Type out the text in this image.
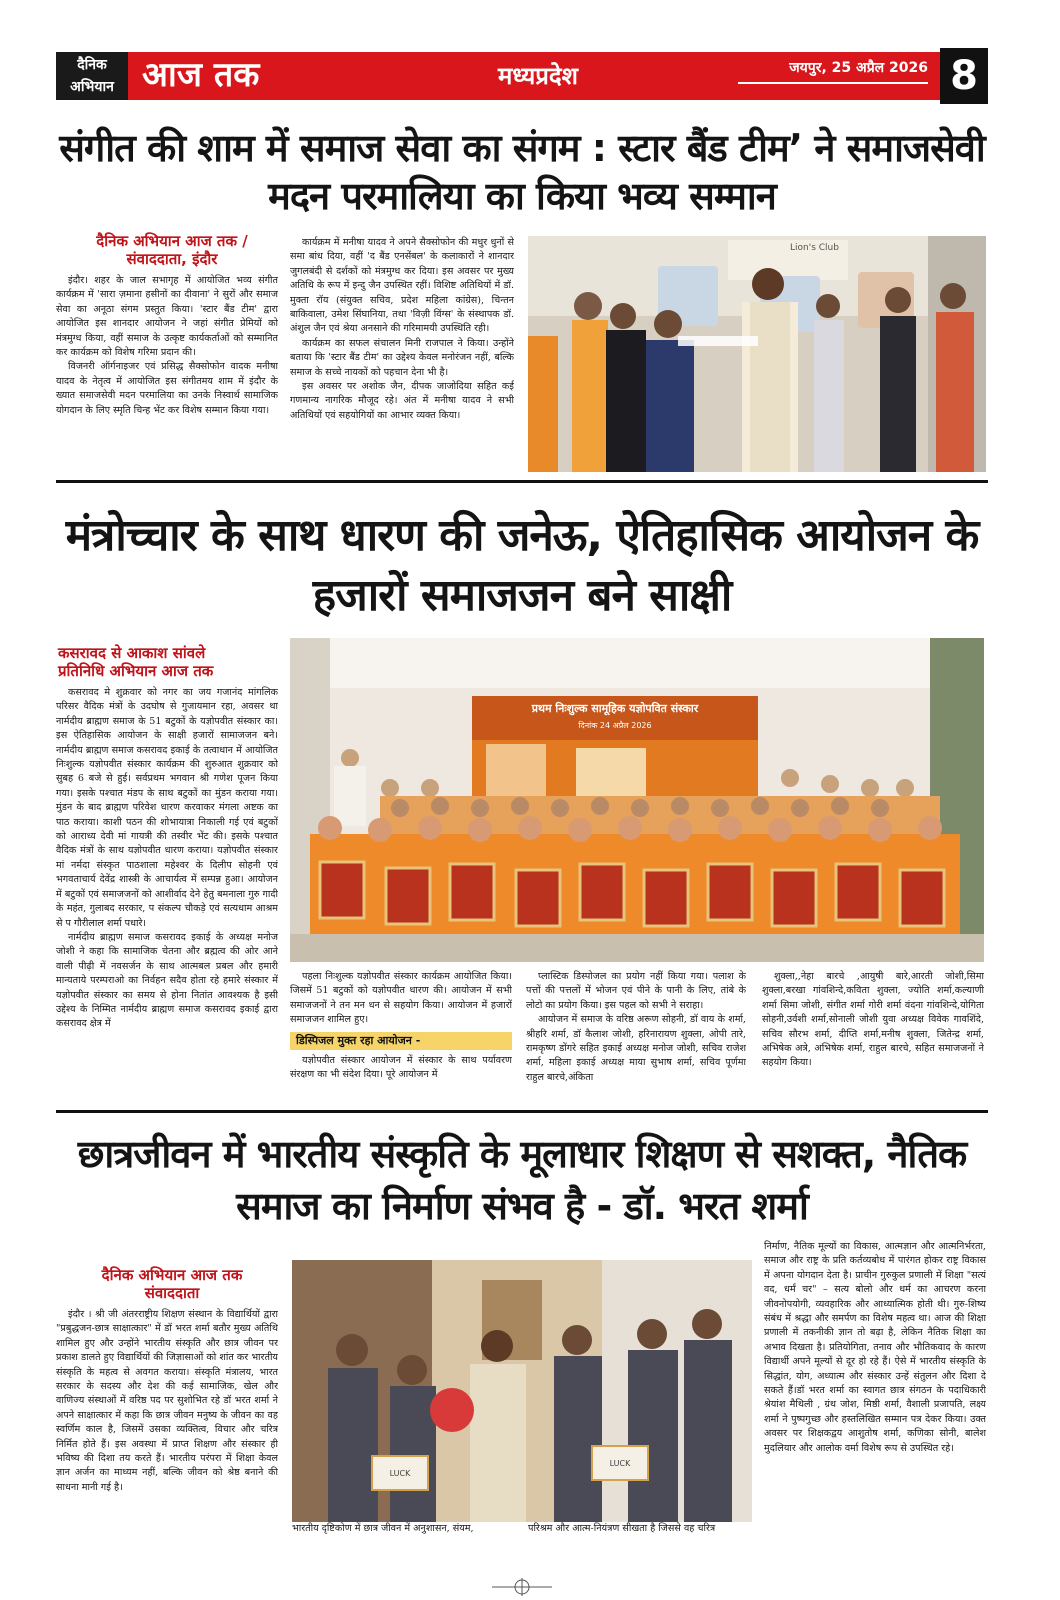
दैनिक
अभियान आज तक	मध्यप्रदेश	जयपुर, 25 अप्रैल 2026 8
संगीत की शाम में समाज सेवा का संगम : स्टार बैंड टीम’ ने समाजसेवी मदन परमालिया का किया भव्य सम्मान
दैनिक अभियान आज तक /
संवाददाता, इंदौर

इंदौर। शहर के जाल सभागृह में आयोजित भव्य संगीत कार्यक्रम में 'सारा ज़माना हसीनों का दीवाना' ने सुरों और समाज सेवा का अनूठा संगम प्रस्तुत किया। 'स्टार बैंड टीम' द्वारा आयोजित इस शानदार आयोजन ने जहां संगीत प्रेमियों को मंत्रमुग्ध किया, वहीं समाज के उत्कृष्ट कार्यकर्ताओं को सम्मानित कर कार्यक्रम को विशेष गरिमा प्रदान की।

विजनरी ऑर्गनाइजर एवं प्रसिद्ध सैक्सोफोन वादक मनीषा यादव के नेतृत्व में आयोजित इस संगीतमय शाम में इंदौर के ख्यात समाजसेवी मदन परमालिया का उनके निस्वार्थ सामाजिक योगदान के लिए स्मृति चिन्ह भेंट कर विशेष सम्मान किया गया।

कार्यक्रम में मनीषा यादव ने अपने सैक्सोफोन की मधुर धुनों से समा बांध दिया, वहीं 'द बैंड एनसेंबल' के कलाकारों ने शानदार जुगलबंदी से दर्शकों को मंत्रमुग्ध कर दिया। इस अवसर पर मुख्य अतिथि के रूप में इन्दु जैन उपस्थित रहीं। विशिष्ट अतिथियों में डॉ. मुक्ता रॉय (संयुक्त सचिव, प्रदेश महिला कांग्रेस), चिन्तन बाकिवाला, उमेश सिंघानिया, तथा 'विज़ी विंग्स' के संस्थापक डॉ. अंशुल जैन एवं श्रेया अनसाने की गरिमामयी उपस्थिति रही।

कार्यक्रम का सफल संचालन मिनी राजपाल ने किया। उन्होंने बताया कि 'स्टार बैंड टीम' का उद्देश्य केवल मनोरंजन नहीं, बल्कि समाज के सच्चे नायकों को पहचान देना भी है।

इस अवसर पर अशोक जैन, दीपक जाजोदिया सहित कई गणमान्य नागरिक मौजूद रहे। अंत में मनीषा यादव ने सभी अतिथियों एवं सहयोगियों का आभार व्यक्त किया।

Lion's Club
मंत्रोच्चार के साथ धारण की जनेऊ, ऐतिहासिक आयोजन के हजारों समाजजन बने साक्षी
कसरावद से आकाश सांवले
प्रतिनिधि अभियान आज तक

कसरावद मे शुक्रवार को नगर का जय गजानंद मांगलिक परिसर वैदिक मंत्रों के उदघोष से गुजायमान रहा, अवसर था नार्मदीय ब्राह्मण समाज के 51 बटुकों के यज्ञोपवीत संस्कार का। इस ऐतिहासिक आयोजन के साक्षी हजारों सामाजजन बने। नार्मदीय ब्राह्मण समाज कसरावद इकाई के तत्वाधान में आयोजित निःशुल्क यज्ञोपवीत संस्कार कार्यक्रम की शुरुआत शुक्रवार को सुबह 6 बजे से हुई। सर्वप्रथम भगवान श्री गणेश पूजन किया गया। इसके पश्चात मंडप के साथ बटुकों का मुंडन कराया गया। मुंडन के बाद ब्राह्मण परिवेश धारण करवाकर मंगला अष्टक का पाठ कराया। काशी पठन की शोभायात्रा निकाली गई एवं बटुकों को आराध्य देवी मां गायत्री की तस्वीर भेंट की। इसके पश्चात वैदिक मंत्रों के साथ यज्ञोपवीत धारण कराया। यज्ञोपवीत संस्कार मां नर्मदा संस्कृत पाठशाला महेश्वर के दिलीप सोहनी एवं भगवताचार्य देवेंद्र शास्त्री के आचार्यत्व में सम्पन्न हुआ। आयोजन में बटुकों एवं समाजजनों को आशीर्वाद देने हेतु बमनाला गुरु गादी के महंत, गुलाबद सरकार, प संकल्प चौकड़े एवं सत्यधाम आश्रम से प गौरीलाल शर्मा पधारे।

नार्मदीय ब्राह्मण समाज कसरावद इकाई के अध्यक्ष मनोज जोशी ने कहा कि सामाजिक चेतना और ब्रह्मत्व की ओर आने वाली पीढ़ी में नवसर्जन के साथ आत्मबल प्रबल और हमारी मान्यताये परम्पराओ का निर्वहन सदैव होता रहे हमारे संस्कार में यज्ञोपवीत संस्कार का समय से होना नितांत आवश्यक है इसी उद्देश्य के निम्मित नार्मदीय ब्राह्मण समाज कसरावद इकाई द्वारा कसरावद क्षेत्र में

प्रथम निःशुल्क सामूहिक यज्ञोपवित संस्कार
दिनांक 24 अप्रैल 2026

पहला निःशुल्क यज्ञोपवीत संस्कार कार्यक्रम आयोजित किया। जिसमें 51 बटुकों को यज्ञोपवीत धारण की। आयोजन में सभी समाजजनों ने तन मन धन से सहयोग किया। आयोजन में हजारों समाजजन शामिल हुए।

डिस्पिजल मुक्त रहा आयोजन -

यज्ञोपवीत संस्कार आयोजन में संस्कार के साथ पर्यावरण संरक्षण का भी संदेश दिया। पूरे आयोजन में

प्लास्टिक डिस्पोजल का प्रयोग नहीं किया गया। पलाश के पत्तों की पत्तलों में भोजन एवं पीने के पानी के लिए, तांबे के लोटो का प्रयोग किया। इस पहल को सभी ने सराहा।

आयोजन में समाज के वरिष्ठ अरूण सोहनी, डॉ वाय के शर्मा, श्रीहरि शर्मा, डॉ कैलाश जोशी, हरिनारायण शुक्ला, ओपी तारे, रामकृष्ण डोंगरे सहित इकाई अध्यक्ष मनोज जोशी, सचिव राजेश शर्मा, महिला इकाई अध्यक्ष माया सुभाष शर्मा, सचिव पूर्णमा राहुल बारचे,अंकिता

शुक्ला,,नेहा बारचे ,आयुषी बारे,आरती जोशी,सिमा शुक्ला,बरखा गांवशिन्दे,कविता शुक्ला, ज्योति शर्मा,कल्याणी शर्मा सिमा जोशी, संगीत शर्मा गोरी शर्मा वंदना गांवशिन्दे,योगिता सोहनी,उर्वशी शर्मा,सोनाली जोशी युवा अध्यक्ष विवेक गावशिंदे, सचिव सौरभ शर्मा, दीप्ति शर्मा,मनीष शुक्ला, जितेन्द्र शर्मा, अभिषेक अत्रे, अभिषेक शर्मा, राहुल बारचे, सहित समाजजनों ने सहयोग किया।

छात्रजीवन में भारतीय संस्कृति के मूलाधार शिक्षण से सशक्त, नैतिक समाज का निर्माण संभव है - डॉ. भरत शर्मा
दैनिक अभियान आज तक
संवाददाता

इंदौर । श्री जी अंतरराष्ट्रीय शिक्षण संस्थान के विद्यार्थियों द्वारा "प्रबुद्धजन-छात्र साक्षात्कार" में डॉ भरत शर्मा बतौर मुख्य अतिथि शामिल हुए और उन्होंने भारतीय संस्कृति और छात्र जीवन पर प्रकाश डालते हुए विद्यार्थियों की जिज्ञासाओं को शांत कर भारतीय संस्कृति के महत्व से अवगत कराया। संस्कृति मंत्रालय, भारत सरकार के सदस्य और देश की कई सामाजिक, खेल और वाणिज्य संस्थाओं में वरिष्ठ पद पर सुशोभित रहे डॉ भरत शर्मा ने अपने साक्षात्कार में कहा कि छात्र जीवन मनुष्य के जीवन का वह स्वर्णिम काल है, जिसमें उसका व्यक्तित्व, विचार और चरित्र निर्मित होते हैं। इस अवस्था में प्राप्त शिक्षण और संस्कार ही भविष्य की दिशा तय करते हैं। भारतीय परंपरा में शिक्षा केवल ज्ञान अर्जन का माध्यम नहीं, बल्कि जीवन को श्रेष्ठ बनाने की साधना मानी गई है।

LUCK
LUCK

भारतीय दृष्टिकोण में छात्र जीवन में अनुशासन, संयम,	परिश्रम और आत्म-नियंत्रण सीखता है जिससे वह चरित्र

निर्माण, नैतिक मूल्यों का विकास, आत्मज्ञान और आत्मनिर्भरता, समाज और राष्ट्र के प्रति कर्तव्यबोध में पारंगत होकर राष्ट्र विकास में अपना योगदान देता है। प्राचीन गुरुकुल प्रणाली में शिक्षा "सत्यं वद, धर्मं चर" – सत्य बोलो और धर्म का आचरण करना जीवनोपयोगी, व्यवहारिक और आध्यात्मिक होती थी। गुरु-शिष्य संबंध में श्रद्धा और समर्पण का विशेष महत्व था। आज की शिक्षा प्रणाली में तकनीकी ज्ञान तो बढ़ा है, लेकिन नैतिक शिक्षा का अभाव दिखता है। प्रतियोगिता, तनाव और भौतिकवाद के कारण विद्यार्थी अपने मूल्यों से दूर हो रहे हैं। ऐसे में भारतीय संस्कृति के सिद्धांत, योग, अध्यात्म और संस्कार उन्हें संतुलन और दिशा दे सकते हैं।डॉ भरत शर्मा का स्वागत छात्र संगठन के पदाधिकारी श्रेयांश मैथिली , ग्रंथ जोश, मिष्ठी शर्मा, वैशाली प्रजापति, लक्ष्य शर्मा ने पुष्पगुच्छ और हस्तलिखित सम्मान पत्र देकर किया। उक्त अवसर पर शिक्षकद्वय आशुतोष शर्मा, कणिका सोनी, बालेश मुदलियार और आलोक वर्मा विशेष रूप से उपस्थित रहे।
